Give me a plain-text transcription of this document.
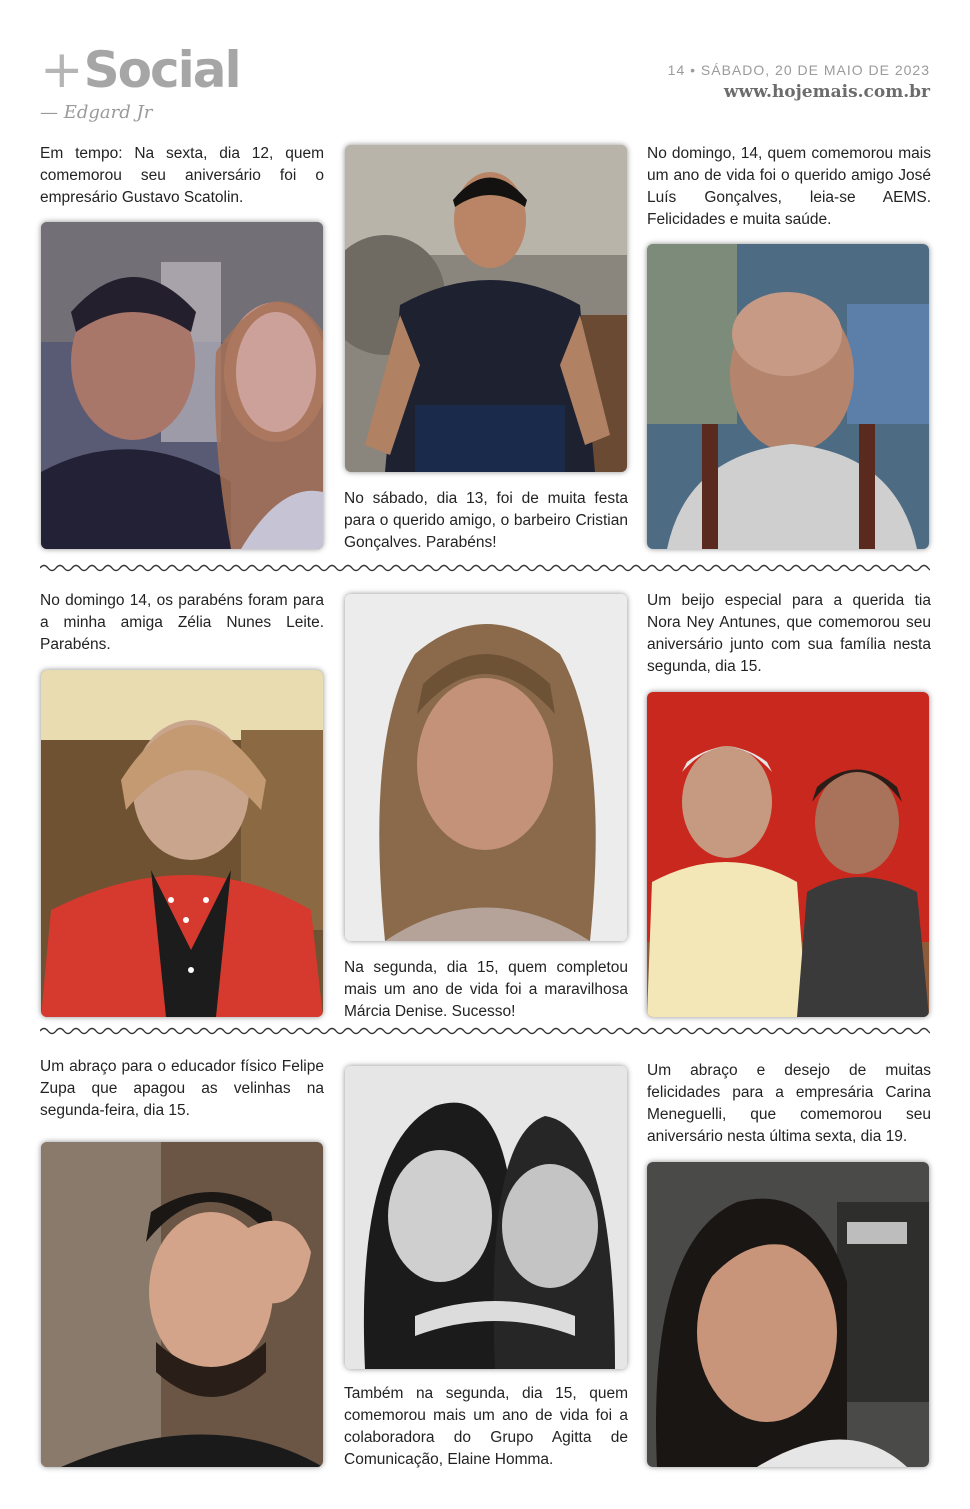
+Social
— Edgard Jr
14 • SÁBADO, 20 DE MAIO DE 2023
www.hojemais.com.br
Em tempo: Na sexta, dia 12, quem comemorou seu aniversário foi o empresário Gustavo Scatolin.
No sábado, dia 13, foi de muita festa para o querido amigo, o barbeiro Cristian Gonçalves. Parabéns!
No domingo, 14, quem comemorou mais um ano de vida foi o querido amigo José Luís Gonçalves, leia-se AEMS. Felicidades e muita saúde.
No domingo 14, os parabéns foram para a minha amiga Zélia Nunes Leite. Parabéns.
Na segunda, dia 15, quem completou mais um ano de vida foi a maravilhosa Márcia Denise. Sucesso!
Um beijo especial para a querida tia Nora Ney Antunes, que comemorou seu aniversário junto com sua família nesta segunda, dia 15.
Um abraço para o educador físico Felipe Zupa que apagou as velinhas na segunda-feira, dia 15.
Também na segunda, dia 15, quem comemorou mais um ano de vida foi a colaboradora do Grupo Agitta de Comunicação, Elaine Homma.
Um abraço e desejo de muitas felicidades para a empresária Carina Meneguelli, que comemorou seu aniversário nesta última sexta, dia 19.
